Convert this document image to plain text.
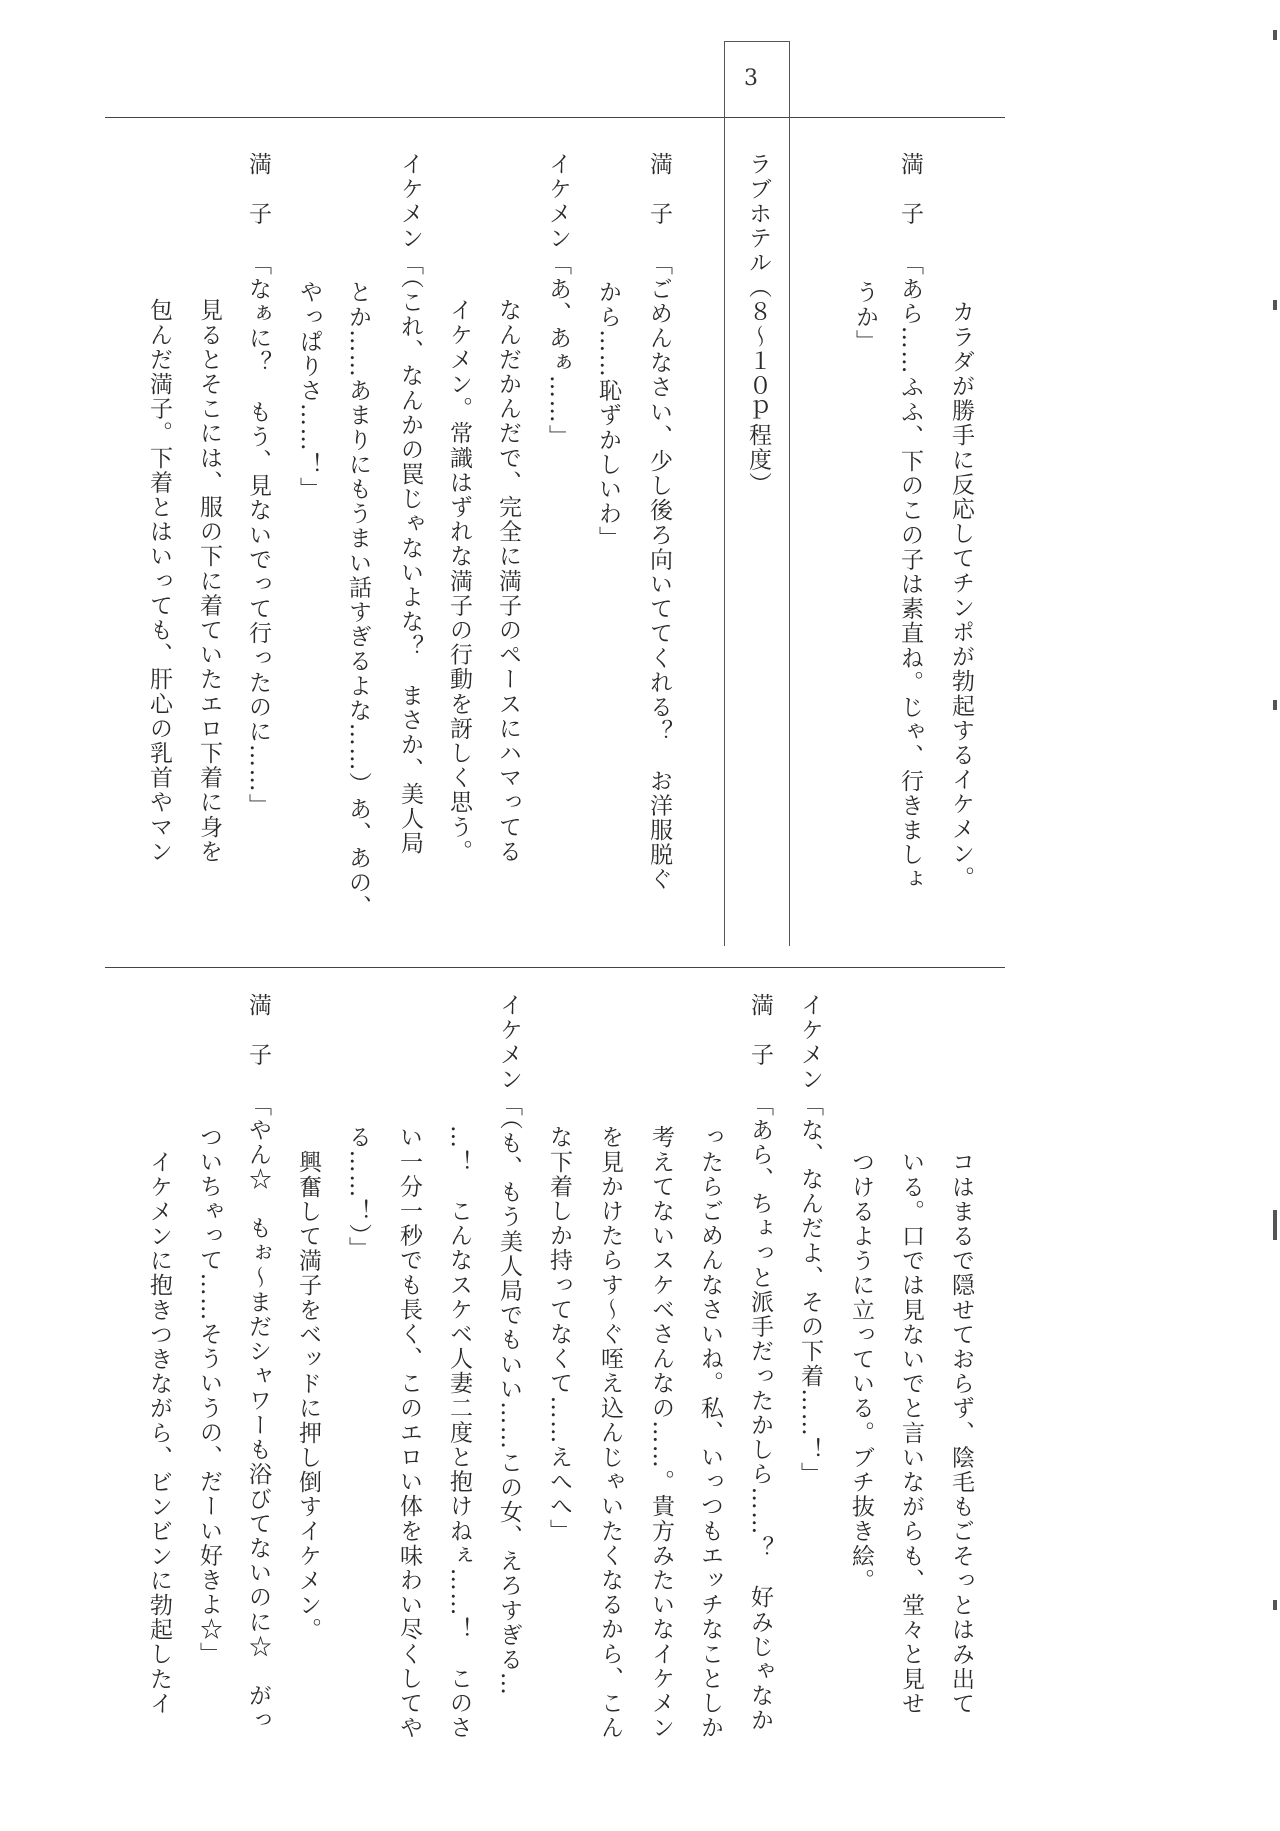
3
ラブホテル（８～１０ｐ程度）	カラダが勝手に反応してチンポが勃起するイケメン。
満　子「あら……ふふ、下のこの子は素直ね。じゃ、行きましょ
うか」
満　子「ごめんなさい、少し後ろ向いててくれる？　お洋服脱ぐ
から……恥ずかしいわ」
イケメン「あ、あぁ……」
なんだかんだで、完全に満子のペースにハマってる
イケメン。常識はずれな満子の行動を訝しく思う。
イケメン「（これ、なんかの罠じゃないよな？　まさか、美人局
とか……あまりにもうまい話すぎるよな……）あ、あの、
やっぱりさ……！」
満　子「なぁに？　もう、見ないでって行ったのに……」
見るとそこには、服の下に着ていたエロ下着に身を
包んだ満子。下着とはいっても、肝心の乳首やマン
コはまるで隠せておらず、陰毛もごそっとはみ出て
いる。口では見ないでと言いながらも、堂々と見せ
つけるように立っている。ブチ抜き絵。
イケメン「な、なんだよ、その下着……！」
満　子「あら、ちょっと派手だったかしら……？　好みじゃなか
ったらごめんなさいね。私、いっつもエッチなことしか
考えてないスケベさんなの……。貴方みたいなイケメン
を見かけたらす～ぐ咥え込んじゃいたくなるから、こん
な下着しか持ってなくて……えへへ」
イケメン「（も、もう美人局でもいい……この女、えろすぎる…
…！　こんなスケベ人妻二度と抱けねぇ……！　このさ
い一分一秒でも長く、このエロい体を味わい尽くしてや
る……！）」
興奮して満子をベッドに押し倒すイケメン。
満　子「やん☆　もぉ～まだシャワーも浴びてないのに☆　がっ
ついちゃって……そういうの、だーい好きよ☆」
イケメンに抱きつきながら、ビンビンに勃起したイ
